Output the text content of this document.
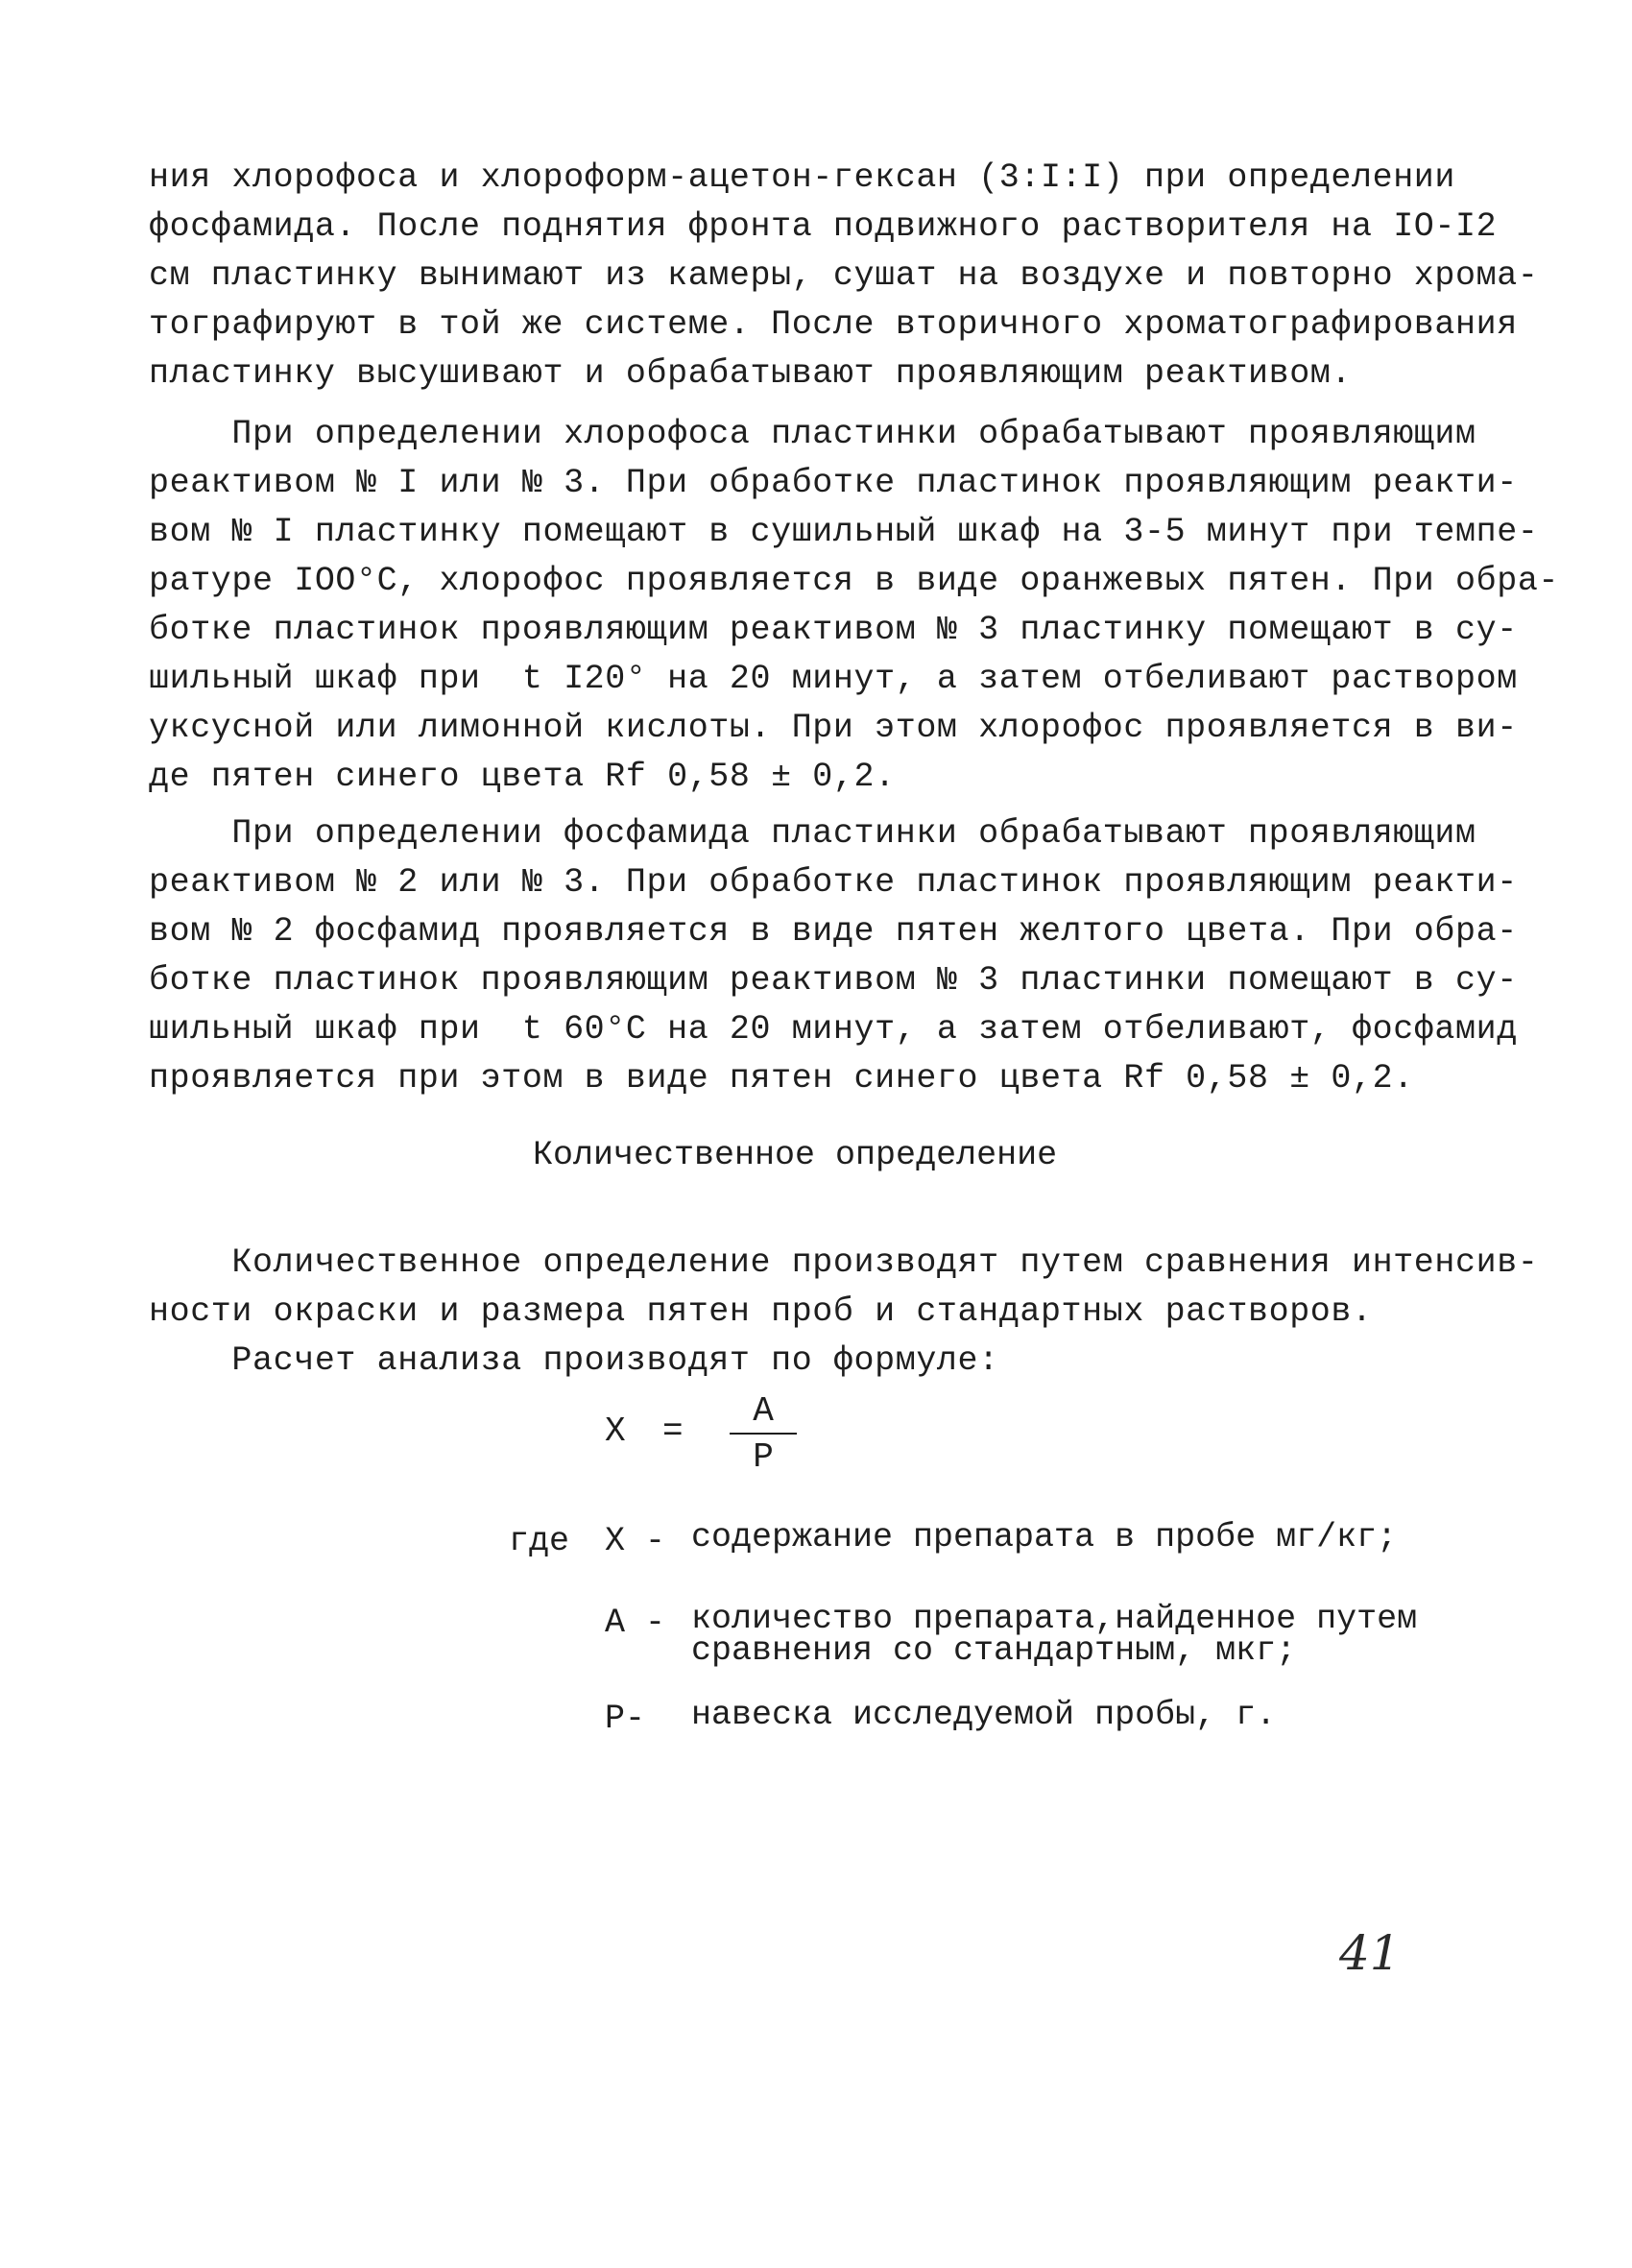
ния хлорофоса и хлороформ-ацетон-гексан (3:I:I) при определении
фосфамида. После поднятия фронта подвижного растворителя на IO-I2
см пластинку вынимают из камеры, сушат на воздухе и повторно хрома-
тографируют в той же системе. После вторичного хроматографирования
пластинку высушивают и обрабатывают проявляющим реактивом.
При определении хлорофоса пластинки обрабатывают проявляющим
реактивом № I или № 3. При обработке пластинок проявляющим реакти-
вом № I пластинку помещают в сушильный шкаф на 3-5 минут при темпе-
ратуре IOO°C, хлорофос проявляется в виде оранжевых пятен. При обра-
ботке пластинок проявляющим реактивом № 3 пластинку помещают в су-
шильный шкаф при  t I20° на 20 минут, а затем отбеливают раствором
уксусной или лимонной кислоты. При этом хлорофос проявляется в ви-
де пятен синего цвета Rf 0,58 ± 0,2.
При определении фосфамида пластинки обрабатывают проявляющим
реактивом № 2 или № 3. При обработке пластинок проявляющим реакти-
вом № 2 фосфамид проявляется в виде пятен желтого цвета. При обра-
ботке пластинок проявляющим реактивом № 3 пластинки помещают в су-
шильный шкаф при  t 60°C на 20 минут, а затем отбеливают, фосфамид
проявляется при этом в виде пятен синего цвета Rf 0,58 ± 0,2.
Количественное определение
Количественное определение производят путем сравнения интенсив-
ности окраски и размера пятен проб и стандартных растворов.
Расчет анализа производят по формуле:
X =
A
P
где X - содержание препарата в пробе мг/кг;
A - количество препарата,найденное путем
сравнения со стандартным, мкг;
P- навеска исследуемой пробы, г.
41
